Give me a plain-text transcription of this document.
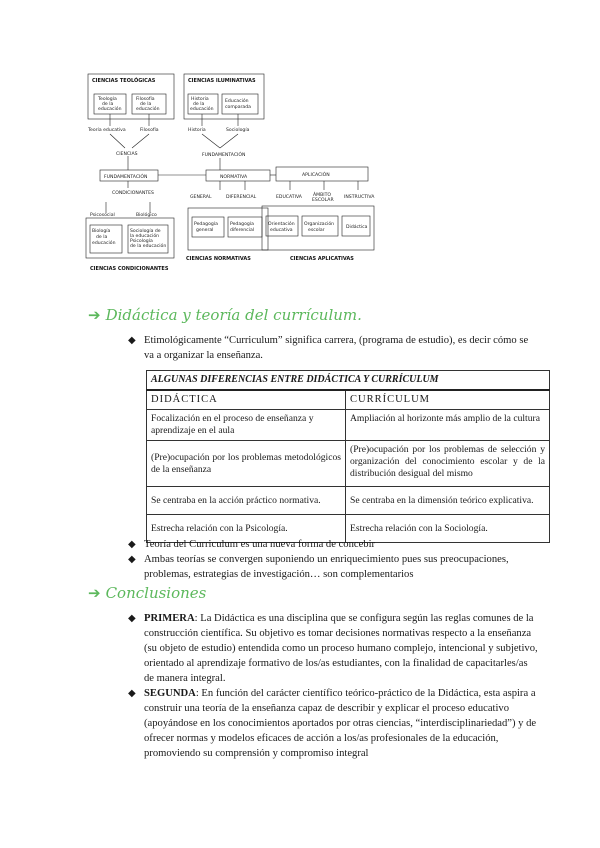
CIENCIAS TEOLÓGICAS
Teología
de la
educación
Filosofía
de la
educación
Teoría educativa	Filosofía
CIENCIAS ILUMINATIVAS
Historia
de la
educación
Educación
comparada
Historia	Sociología
FUNDAMENTACIÓN
CIENCIAS
FUNDAMENTACIÓN	NORMATIVA	APLICACIÓN
CONDICIONANTES
Psicosocial	Biológico
Biología
de la
educación
Sociología de
la educación
Psicología
de la educación
CIENCIAS CONDICIONANTES
GENERAL	DIFERENCIAL
Pedagogía
general
Pedagogía
diferencial
CIENCIAS NORMATIVAS
EDUCATIVA ÁMBITO
ESCOLAR
INSTRUCTIVA
Orientación
educativa
Organización
escolar
Didáctica
CIENCIAS APLICATIVAS
➔ Didáctica y teoría del currículum.
◆ Etimológicamente “Curriculum” significa carrera, (programa de estudio), es decir cómo se va a organizar la enseñanza.
ALGUNAS DIFERENCIAS ENTRE DIDÁCTICA Y CURRÍCULUM	
DIDÁCTICA	CURRÍCULUM
Focalización en el proceso de enseñanza y aprendizaje en el aula	Ampliación al horizonte más amplio de la cultura
(Pre)ocupación por los problemas metodológicos de la enseñanza	(Pre)ocupación por los problemas de selección y organización del conocimiento escolar y de la distribución desigual del mismo
Se centraba en la acción práctico normativa.	Se centraba en la dimensión teórico explicativa.
Estrecha relación con la Psicología.	Estrecha relación con la Sociología.
◆ Teoría del Curriculum es una nueva forma de concebir
◆ Ambas teorías se convergen suponiendo un enriquecimiento pues sus preocupaciones, problemas, estrategias de investigación… son complementarios
➔ Conclusiones
◆ PRIMERA: La Didáctica es una disciplina que se configura según las reglas comunes de la construcción científica. Su objetivo es tomar decisiones normativas respecto a la enseñanza (su objeto de estudio) entendida como un proceso humano complejo, intencional y subjetivo, orientado al aprendizaje formativo de los/as estudiantes, con la finalidad de capacitarles/as de manera integral.
◆ SEGUNDA: En función del carácter científico teórico-práctico de la Didáctica, esta aspira a construir una teoría de la enseñanza capaz de describir y explicar el proceso educativo (apoyándose en los conocimientos aportados por otras ciencias, “interdisciplinariedad”) y de ofrecer normas y modelos eficaces de acción a los/as profesionales de la educación, promoviendo su comprensión y compromiso integral
